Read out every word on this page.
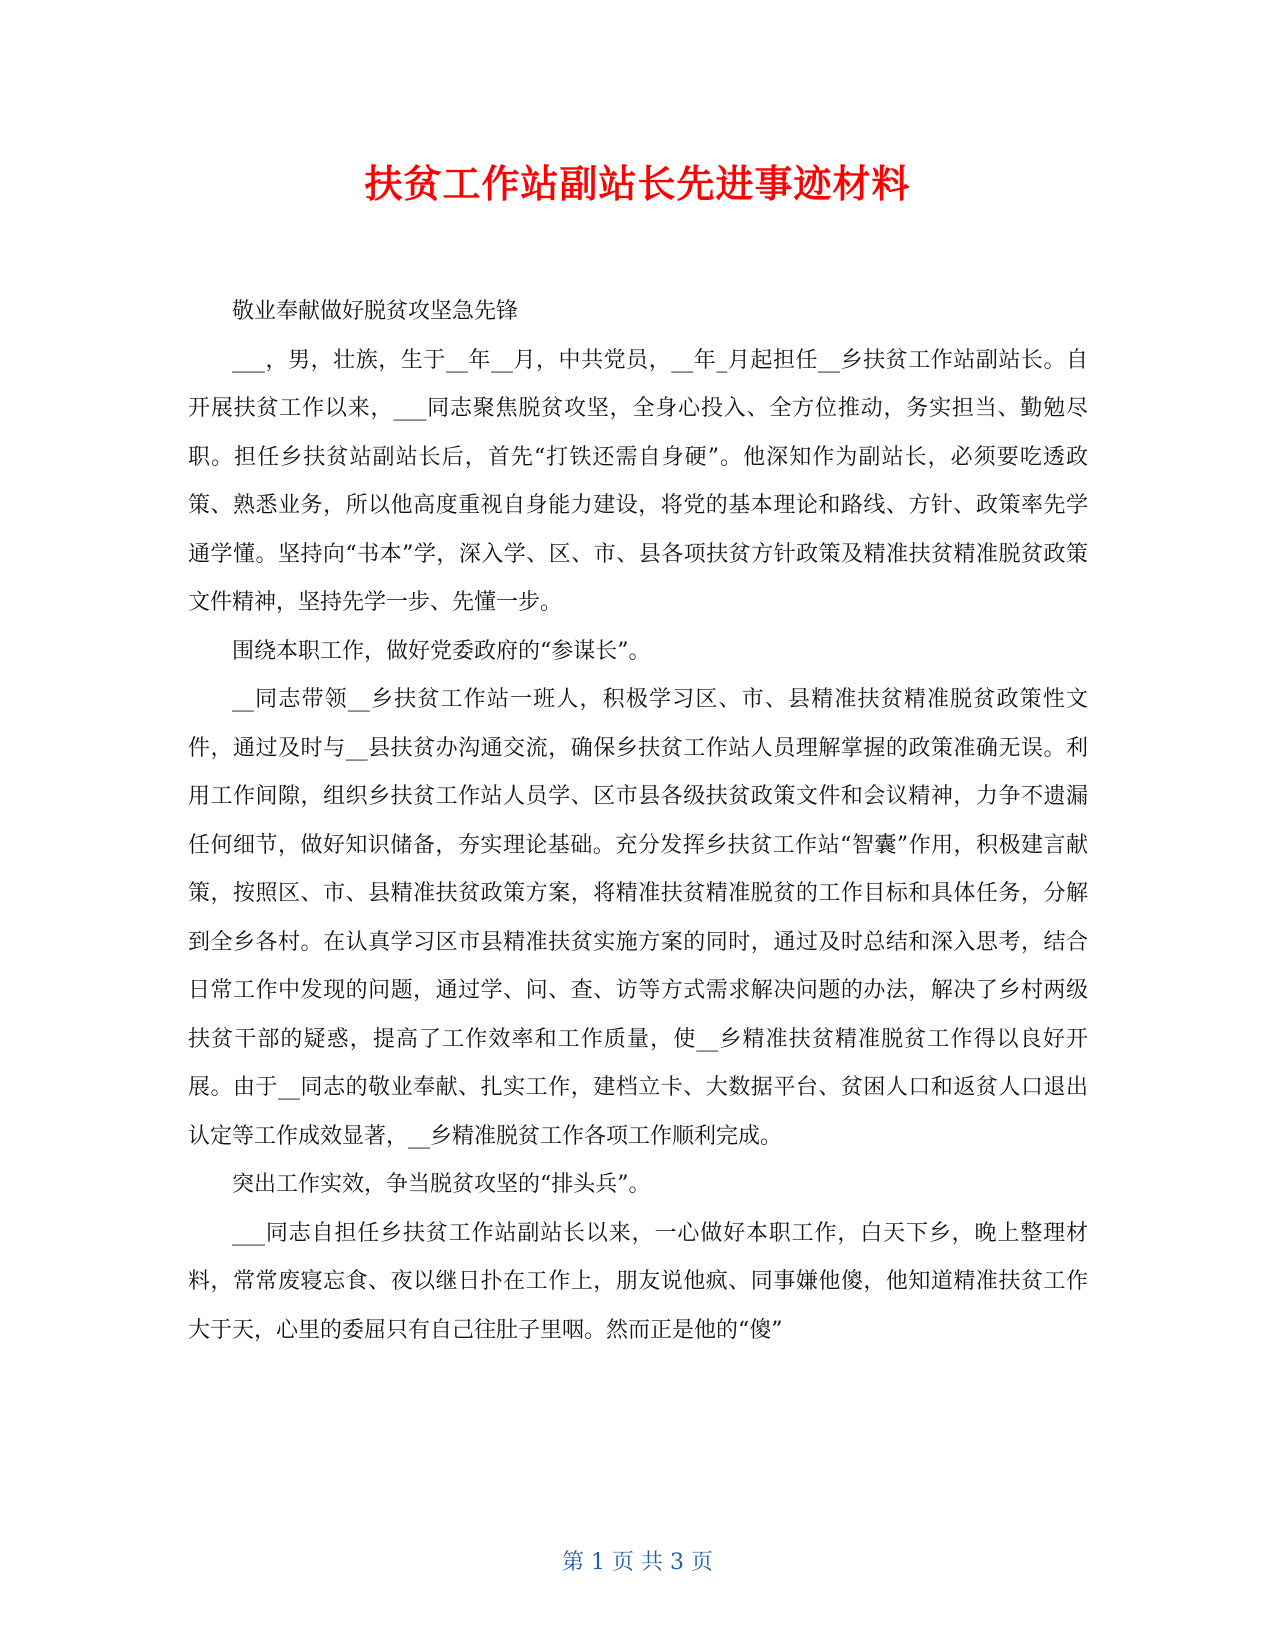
扶贫工作站副站长先进事迹材料

敬业奉献做好脱贫攻坚急先锋

___，男，壮族，生于__年__月，中共党员，__年_月起担任__乡扶贫工作站副站长。自开展扶贫工作以来，___同志聚焦脱贫攻坚，全身心投入、全方位推动，务实担当、勤勉尽职。担任乡扶贫站副站长后，首先“打铁还需自身硬”。他深知作为副站长，必须要吃透政策、熟悉业务，所以他高度重视自身能力建设，将党的基本理论和路线、方针、政策率先学通学懂。坚持向“书本”学，深入学、区、市、县各项扶贫方针政策及精准扶贫精准脱贫政策文件精神，坚持先学一步、先懂一步。

围绕本职工作，做好党委政府的“参谋长”。

__同志带领__乡扶贫工作站一班人，积极学习区、市、县精准扶贫精准脱贫政策性文件，通过及时与__县扶贫办沟通交流，确保乡扶贫工作站人员理解掌握的政策准确无误。利用工作间隙，组织乡扶贫工作站人员学、区市县各级扶贫政策文件和会议精神，力争不遗漏任何细节，做好知识储备，夯实理论基础。充分发挥乡扶贫工作站“智囊”作用，积极建言献策，按照区、市、县精准扶贫政策方案，将精准扶贫精准脱贫的工作目标和具体任务，分解到全乡各村。在认真学习区市县精准扶贫实施方案的同时，通过及时总结和深入思考，结合日常工作中发现的问题，通过学、问、查、访等方式需求解决问题的办法，解决了乡村两级扶贫干部的疑惑，提高了工作效率和工作质量，使__乡精准扶贫精准脱贫工作得以良好开展。由于__同志的敬业奉献、扎实工作，建档立卡、大数据平台、贫困人口和返贫人口退出认定等工作成效显著，__乡精准脱贫工作各项工作顺利完成。

突出工作实效，争当脱贫攻坚的“排头兵”。

___同志自担任乡扶贫工作站副站长以来，一心做好本职工作，白天下乡，晚上整理材料，常常废寝忘食、夜以继日扑在工作上，朋友说他疯、同事嫌他傻，他知道精准扶贫工作大于天，心里的委屈只有自己往肚子里咽。然而正是他的“傻”

第 1 页 共 3 页
